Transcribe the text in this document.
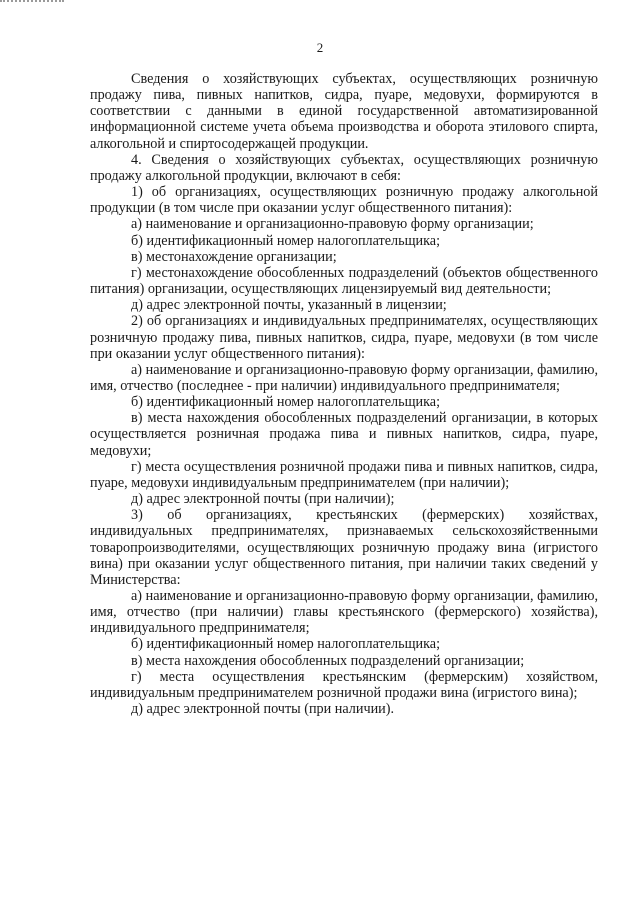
2

Сведения о хозяйствующих субъектах, осуществляющих розничную продажу пива, пивных напитков, сидра, пуаре, медовухи, формируются в соответствии с данными в единой государственной автоматизированной информационной системе учета объема производства и оборота этилового спирта, алкогольной и спиртосодержащей продукции.

4. Сведения о хозяйствующих субъектах, осуществляющих розничную продажу алкогольной продукции, включают в себя:

1) об организациях, осуществляющих розничную продажу алкогольной продукции (в том числе при оказании услуг общественного питания):

а) наименование и организационно-правовую форму организации;

б) идентификационный номер налогоплательщика;

в) местонахождение организации;

г) местонахождение обособленных подразделений (объектов общественного питания) организации, осуществляющих лицензируемый вид деятельности;

д) адрес электронной почты, указанный в лицензии;

2) об организациях и индивидуальных предпринимателях, осуществляющих розничную продажу пива, пивных напитков, сидра, пуаре, медовухи (в том числе при оказании услуг общественного питания):

а) наименование и организационно-правовую форму организации, фамилию, имя, отчество (последнее - при наличии) индивидуального предпринимателя;

б) идентификационный номер налогоплательщика;

в) места нахождения обособленных подразделений организации, в которых осуществляется розничная продажа пива и пивных напитков, сидра, пуаре, медовухи;

г) места осуществления розничной продажи пива и пивных напитков, сидра, пуаре, медовухи индивидуальным предпринимателем (при наличии);

д) адрес электронной почты (при наличии);

3) об организациях, крестьянских (фермерских) хозяйствах, индивидуальных предпринимателях, признаваемых сельскохозяйственными товаропроизводителями, осуществляющих розничную продажу вина (игристого вина) при оказании услуг общественного питания, при наличии таких сведений у Министерства:

а) наименование и организационно-правовую форму организации, фамилию, имя, отчество (при наличии) главы крестьянского (фермерского) хозяйства), индивидуального предпринимателя;

б) идентификационный номер налогоплательщика;

в) места нахождения обособленных подразделений организации;

г) места осуществления крестьянским (фермерским) хозяйством, индивидуальным предпринимателем розничной продажи вина (игристого вина);

д) адрес электронной почты (при наличии).
